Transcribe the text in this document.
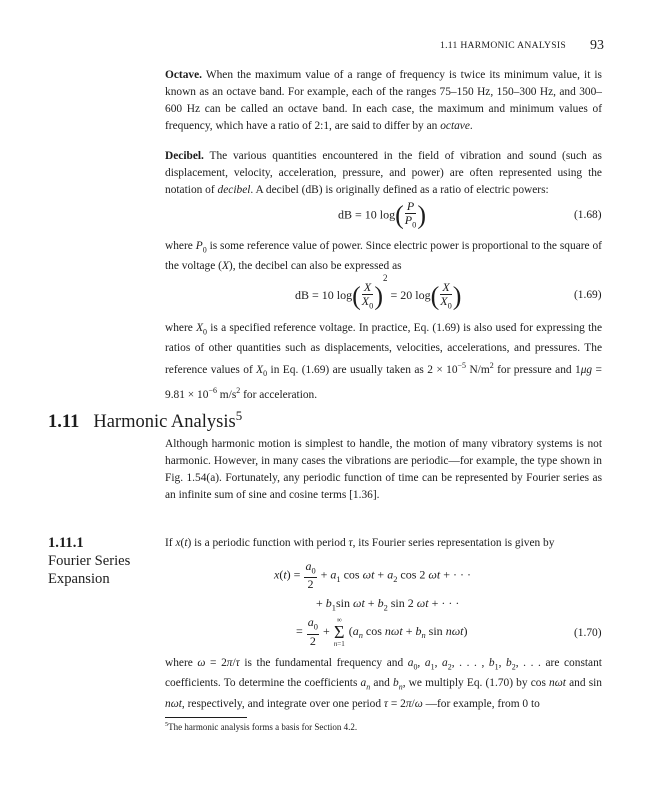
1.11 HARMONIC ANALYSIS 93
Octave. When the maximum value of a range of frequency is twice its minimum value, it is known as an octave band. For example, each of the ranges 75–150 Hz, 150–300 Hz, and 300–600 Hz can be called an octave band. In each case, the maximum and minimum values of frequency, which have a ratio of 2:1, are said to differ by an octave.
Decibel. The various quantities encountered in the field of vibration and sound (such as displacement, velocity, acceleration, pressure, and power) are often represented using the notation of decibel. A decibel (dB) is originally defined as a ratio of electric powers:
dB = 10 $\log( \frac{P}{P_0}$ )	(1.68)
where $P_0$ is some reference value of power. Since electric power is proportional to the square of the voltage (X), the decibel can also be expressed as
dB = 10 $\log( \frac{X}{X_0} )^2 = 20$ $\log( \frac{X}{X_0}$ )	(1.69)
where $X_0$ is a specified reference voltage. In practice, Eq. (1.69) is also used for expressing the ratios of other quantities such as displacements, velocities, accelerations, and pressures. The reference values of $X_0$ in Eq. (1.69) are usually taken as $2 \times 10^{-5}$ $N/m^2$ for pressure and $1\mu g = 9.81 \times 10^{-6}$ $m/s^2$ for acceleration.
1.11 Harmonic Analysis$^5$
Although harmonic motion is simplest to handle, the motion of many vibratory systems is not harmonic. However, in many cases the vibrations are periodic—for example, the type shown in Fig. 1.54(a). Fortunately, any periodic function of time can be represented by Fourier series as an infinite sum of sine and cosine terms [1.36].
1.11.1
Fourier Series
Expansion
If x(t) is a periodic function with period τ, its Fourier series representation is given by
$x(t) = \frac{a_0}{2} + a_1$ $\cos \omega t + a_2$ cos 2 ωt + · · ·
+ $b_1\sin$ $\omega t + b_2$ sin 2 ωt + · · ·
= $\frac{a_0}{2}$ +
∞
Σ
n=1
($a_n$ $\cos n\omega t + b_n$ sin nωt)	(1.70)
where ω = 2π/τ is the fundamental frequency and $a_0$, $a_1$, $a_2$, . . . , $b_1$, $b_2$, . . . are constant coefficients. To determine the coefficients $a_n$ and $b_n$, we multiply Eq. (1.70) by cos nωt and sin nωt, respectively, and integrate over one period τ = 2π/ω —for example, from 0 to
$^5$The harmonic analysis forms a basis for Section 4.2.
